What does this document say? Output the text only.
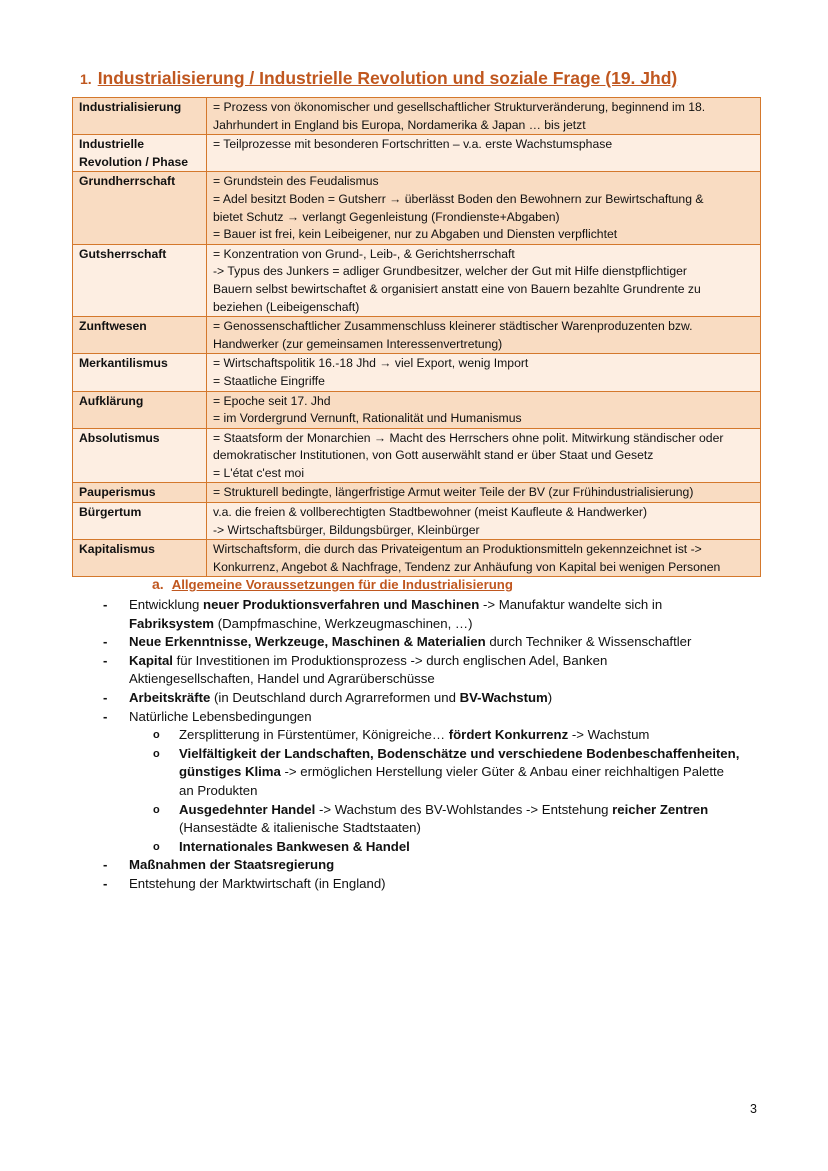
1. Industrialisierung / Industrielle Revolution und soziale Frage (19. Jhd)
Industrialisierung	= Prozess von ökonomischer und gesellschaftlicher Strukturveränderung, beginnend im 18.
Jahrhundert in England bis Europa, Nordamerika & Japan … bis jetzt

Industrielle
Revolution / Phase	= Teilprozesse mit besonderen Fortschritten – v.a. erste Wachstumsphase

Grundherrschaft	= Grundstein des Feudalismus
= Adel besitzt Boden = Gutsherr → überlässt Boden den Bewohnern zur Bewirtschaftung &
bietet Schutz → verlangt Gegenleistung (Frondienste+Abgaben)
= Bauer ist frei, kein Leibeigener, nur zu Abgaben und Diensten verpflichtet

Gutsherrschaft	= Konzentration von Grund-, Leib-, & Gerichtsherrschaft
-> Typus des Junkers = adliger Grundbesitzer, welcher der Gut mit Hilfe dienstpflichtiger
Bauern selbst bewirtschaftet & organisiert anstatt eine von Bauern bezahlte Grundrente zu
beziehen (Leibeigenschaft)

Zunftwesen	= Genossenschaftlicher Zusammenschluss kleinerer städtischer Warenproduzenten bzw.
Handwerker (zur gemeinsamen Interessenvertretung)

Merkantilismus	= Wirtschaftspolitik 16.-18 Jhd → viel Export, wenig Import
= Staatliche Eingriffe

Aufklärung	= Epoche seit 17. Jhd
= im Vordergrund Vernunft, Rationalität und Humanismus

Absolutismus	= Staatsform der Monarchien → Macht des Herrschers ohne polit. Mitwirkung ständischer oder
demokratischer Institutionen, von Gott auserwählt stand er über Staat und Gesetz
= L'état c'est moi

Pauperismus	= Strukturell bedingte, längerfristige Armut weiter Teile der BV (zur Frühindustrialisierung)

Bürgertum	v.a. die freien & vollberechtigten Stadtbewohner (meist Kaufleute & Handwerker)
-> Wirtschaftsbürger, Bildungsbürger, Kleinbürger

Kapitalismus	Wirtschaftsform, die durch das Privateigentum an Produktionsmitteln gekennzeichnet ist ->
Konkurrenz, Angebot & Nachfrage, Tendenz zur Anhäufung von Kapital bei wenigen Personen
a. Allgemeine Voraussetzungen für die Industrialisierung
- Entwicklung neuer Produktionsverfahren und Maschinen -> Manufaktur wandelte sich in
Fabriksystem (Dampfmaschine, Werkzeugmaschinen, …)
- Neue Erkenntnisse, Werkzeuge, Maschinen & Materialien durch Techniker & Wissenschaftler
- Kapital für Investitionen im Produktionsprozess -> durch englischen Adel, Banken
Aktiengesellschaften, Handel und Agrarüberschüsse
- Arbeitskräfte (in Deutschland durch Agrarreformen und BV-Wachstum)
- Natürliche Lebensbedingungen
o Zersplitterung in Fürstentümer, Königreiche… fördert Konkurrenz -> Wachstum
o Vielfältigkeit der Landschaften, Bodenschätze und verschiedene Bodenbeschaffenheiten,
günstiges Klima -> ermöglichen Herstellung vieler Güter & Anbau einer reichhaltigen Palette
an Produkten
o Ausgedehnter Handel -> Wachstum des BV-Wohlstandes -> Entstehung reicher Zentren
(Hansestädte & italienische Stadtstaaten)
o Internationales Bankwesen & Handel
- Maßnahmen der Staatsregierung
- Entstehung der Marktwirtschaft (in England)
3
